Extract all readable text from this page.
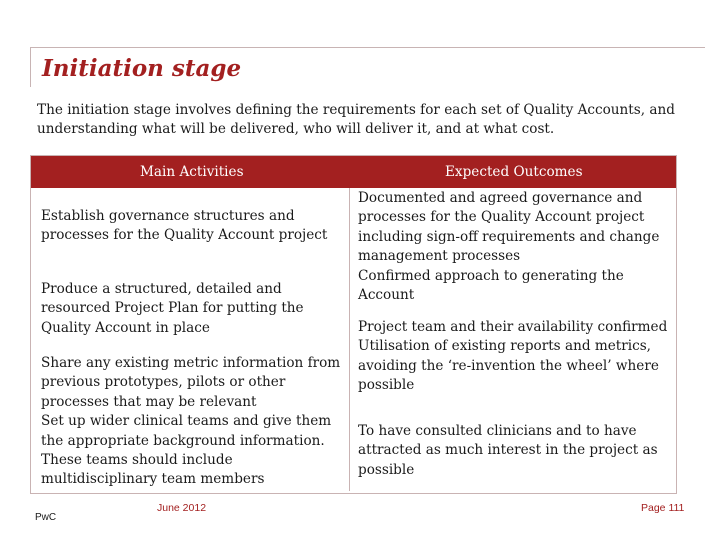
Initiation stage
The initiation stage involves defining the requirements for each set of Quality Accounts, and understanding what will be delivered, who will deliver it, and at what cost.
Main Activities	Expected Outcomes
Establish governance structures and processes for the Quality Account project
Produce a structured, detailed and resourced Project Plan for putting the Quality Account in place
Share any existing metric information from previous prototypes, pilots or other processes that may be relevant
Set up wider clinical teams and give them the appropriate background information. These teams should include multidisciplinary team members
Documented and agreed governance and processes for the Quality Account project including sign-off requirements and change management processes
Confirmed approach to generating the Account
Project team and their availability confirmed
Utilisation of existing reports and metrics, avoiding the ‘re-invention the wheel’ where possible
To have consulted clinicians and to have attracted as much interest in the project as possible
June 2012
PwC
Page 111
